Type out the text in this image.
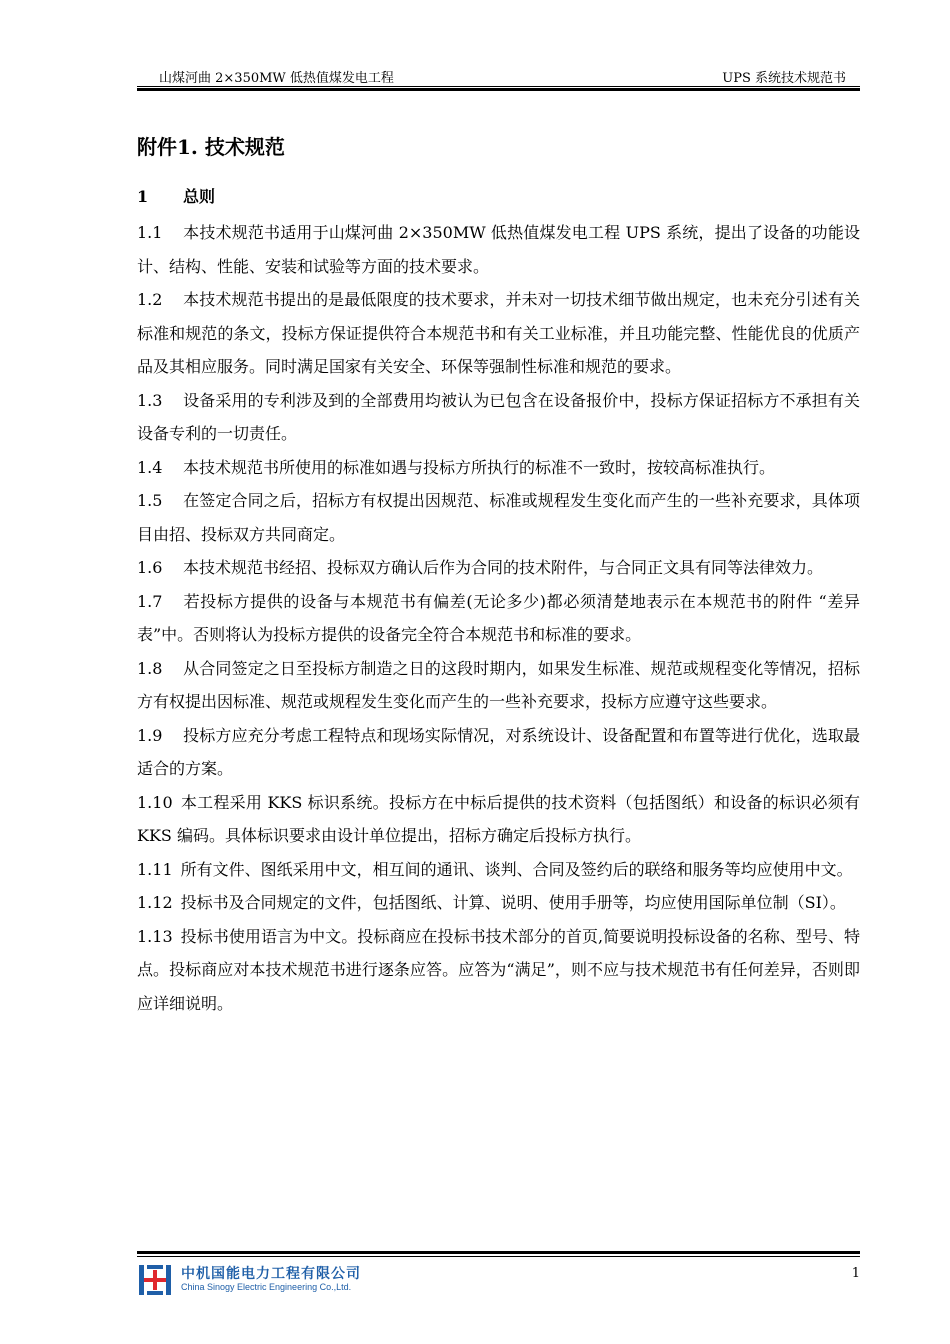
山煤河曲 2×350MW 低热值煤发电工程	UPS 系统技术规范书
附件1. 技术规范
1 总则

1.1 本技术规范书适用于山煤河曲 2×350MW 低热值煤发电工程 UPS 系统，提出了设备的功能设计、结构、性能、安装和试验等方面的技术要求。

1.2 本技术规范书提出的是最低限度的技术要求，并未对一切技术细节做出规定，也未充分引述有关标准和规范的条文，投标方保证提供符合本规范书和有关工业标准，并且功能完整、性能优良的优质产品及其相应服务。同时满足国家有关安全、环保等强制性标准和规范的要求。

1.3 设备采用的专利涉及到的全部费用均被认为已包含在设备报价中，投标方保证招标方不承担有关设备专利的一切责任。

1.4 本技术规范书所使用的标准如遇与投标方所执行的标准不一致时，按较高标准执行。

1.5 在签定合同之后，招标方有权提出因规范、标准或规程发生变化而产生的一些补充要求，具体项目由招、投标双方共同商定。

1.6 本技术规范书经招、投标双方确认后作为合同的技术附件，与合同正文具有同等法律效力。

1.7 若投标方提供的设备与本规范书有偏差(无论多少)都必须清楚地表示在本规范书的附件 “差异表”中。否则将认为投标方提供的设备完全符合本规范书和标准的要求。

1.8 从合同签定之日至投标方制造之日的这段时期内，如果发生标准、规范或规程变化等情况，招标方有权提出因标准、规范或规程发生变化而产生的一些补充要求，投标方应遵守这些要求。

1.9 投标方应充分考虑工程特点和现场实际情况，对系统设计、设备配置和布置等进行优化，选取最适合的方案。

1.10 本工程采用 KKS 标识系统。投标方在中标后提供的技术资料（包括图纸）和设备的标识必须有 KKS 编码。具体标识要求由设计单位提出，招标方确定后投标方执行。

1.11 所有文件、图纸采用中文，相互间的通讯、谈判、合同及签约后的联络和服务等均应使用中文。

1.12 投标书及合同规定的文件，包括图纸、计算、说明、使用手册等，均应使用国际单位制（SI）。

1.13 投标书使用语言为中文。投标商应在投标书技术部分的首页,简要说明投标设备的名称、型号、特点。投标商应对本技术规范书进行逐条应答。应答为“满足”，则不应与技术规范书有任何差异，否则即应详细说明。

中机国能电力工程有限公司
China Sinogy Electric Engineering Co.,Ltd.
1
